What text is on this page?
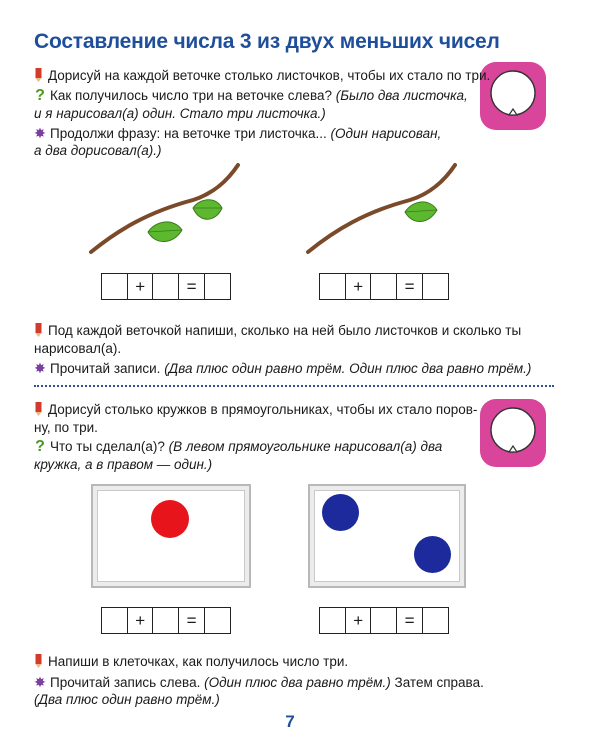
Составление числа 3 из двух меньших чисел
Дорисуй на каждой веточке столько листочков, чтобы их стало по три.
? Как получилось число три на веточке слева? (Было два листочка,
и я нарисовал(а) один. Стало три листочка.)
✸ Продолжи фразу: на веточке три листочка... (Один нарисован,
а два дорисовал(а).)
+	=	+	=
Под каждой веточкой напиши, сколько на ней было листочков и сколько ты
нарисовал(а).
✸ Прочитай записи. (Два плюс один равно трём. Один плюс два равно трём.)
Дорисуй столько кружков в прямоугольниках, чтобы их стало поров-
ну, по три.
? Что ты сделал(а)? (В левом прямоугольнике нарисовал(а) два
кружка, а в правом — один.)
+	=	+	=
Напиши в клеточках, как получилось число три.
✸ Прочитай запись слева. (Один плюс два равно трём.) Затем справа.
(Два плюс один равно трём.)
7
